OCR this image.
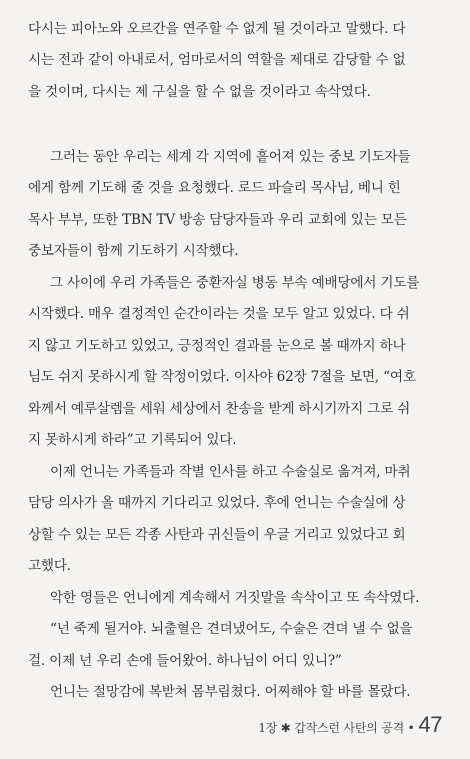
다시는 피아노와 오르간을 연주할 수 없게 될 것이라고 말했다. 다
시는 전과 같이 아내로서, 엄마로서의 역할을 제대로 감당할 수 없
을 것이며, 다시는 제 구실을 할 수 없을 것이라고 속삭였다.
그러는 동안 우리는 세계 각 지역에 흩어져 있는 중보 기도자들
에게 함께 기도해 줄 것을 요청했다. 로드 파슬리 목사님, 베니 힌
목사 부부, 또한 TBN TV 방송 담당자들과 우리 교회에 있는 모든
중보자들이 함께 기도하기 시작했다.
그 사이에 우리 가족들은 중환자실 병동 부속 예배당에서 기도를
시작했다. 매우 결정적인 순간이라는 것을 모두 알고 있었다. 다 쉬
지 않고 기도하고 있었고, 긍정적인 결과를 눈으로 볼 때까지 하나
님도 쉬지 못하시게 할 작정이었다. 이사야 62장 7절을 보면, “여호
와께서 예루살렘을 세워 세상에서 찬송을 받게 하시기까지 그로 쉬
지 못하시게 하라”고 기록되어 있다.
이제 언니는 가족들과 작별 인사를 하고 수술실로 옮겨져, 마취
담당 의사가 올 때까지 기다리고 있었다. 후에 언니는 수술실에 상
상할 수 있는 모든 각종 사탄과 귀신들이 우글 거리고 있었다고 회
고했다.
악한 영들은 언니에게 계속해서 거짓말을 속삭이고 또 속삭였다.
“넌 죽게 될거야. 뇌출혈은 견뎌냈어도, 수술은 견뎌 낼 수 없을
걸. 이제 넌 우리 손에 들어왔어. 하나님이 어디 있니?”
언니는 절망감에 복받쳐 몸부림쳤다. 어찌해야 할 바를 몰랐다.
1장 ✱ 갑작스런 사탄의 공격 • 47
